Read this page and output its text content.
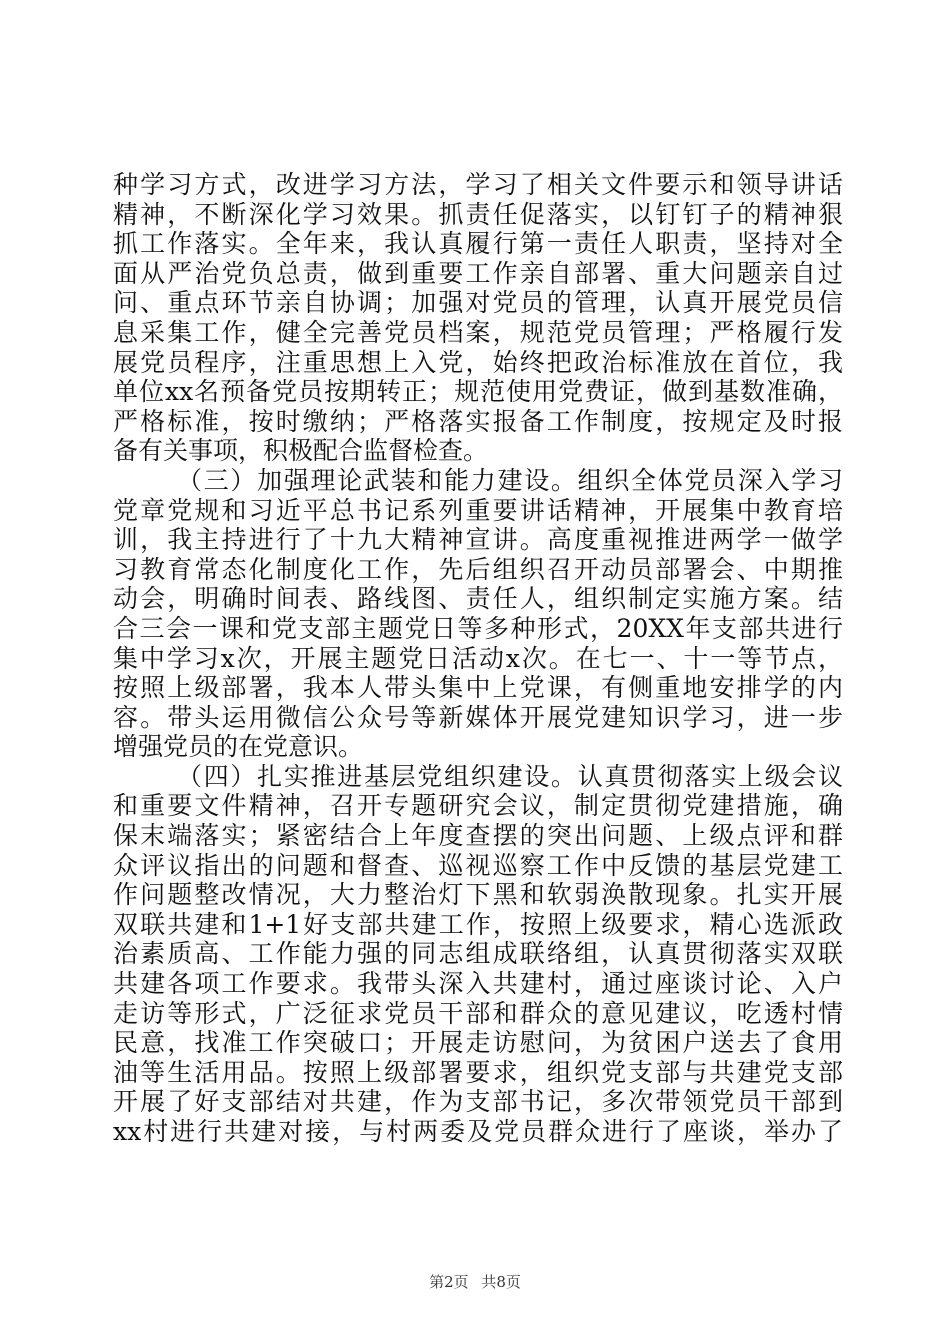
种学习方式，改进学习方法，学习了相关文件要示和领导讲话
精神，不断深化学习效果。抓责任促落实，以钉钉子的精神狠
抓工作落实。全年来，我认真履行第一责任人职责，坚持对全
面从严治党负总责，做到重要工作亲自部署、重大问题亲自过
问、重点环节亲自协调；加强对党员的管理，认真开展党员信
息采集工作，健全完善党员档案，规范党员管理；严格履行发
展党员程序，注重思想上入党，始终把政治标准放在首位，我
单位xx名预备党员按期转正；规范使用党费证，做到基数准确，
严格标准，按时缴纳；严格落实报备工作制度，按规定及时报
备有关事项，积极配合监督检查。
（三）加强理论武装和能力建设。组织全体党员深入学习
党章党规和习近平总书记系列重要讲话精神，开展集中教育培
训，我主持进行了十九大精神宣讲。高度重视推进两学一做学
习教育常态化制度化工作，先后组织召开动员部署会、中期推
动会，明确时间表、路线图、责任人，组织制定实施方案。结
合三会一课和党支部主题党日等多种形式，20XX年支部共进行
集中学习x次，开展主题党日活动x次。在七一、十一等节点，
按照上级部署，我本人带头集中上党课，有侧重地安排学的内
容。带头运用微信公众号等新媒体开展党建知识学习，进一步
增强党员的在党意识。
（四）扎实推进基层党组织建设。认真贯彻落实上级会议
和重要文件精神，召开专题研究会议，制定贯彻党建措施，确
保末端落实；紧密结合上年度查摆的突出问题、上级点评和群
众评议指出的问题和督查、巡视巡察工作中反馈的基层党建工
作问题整改情况，大力整治灯下黑和软弱涣散现象。扎实开展
双联共建和1+1好支部共建工作，按照上级要求，精心选派政
治素质高、工作能力强的同志组成联络组，认真贯彻落实双联
共建各项工作要求。我带头深入共建村，通过座谈讨论、入户
走访等形式，广泛征求党员干部和群众的意见建议，吃透村情
民意，找准工作突破口；开展走访慰问，为贫困户送去了食用
油等生活用品。按照上级部署要求，组织党支部与共建党支部
开展了好支部结对共建，作为支部书记，多次带领党员干部到
xx村进行共建对接，与村两委及党员群众进行了座谈，举办了
第2页 共8页
